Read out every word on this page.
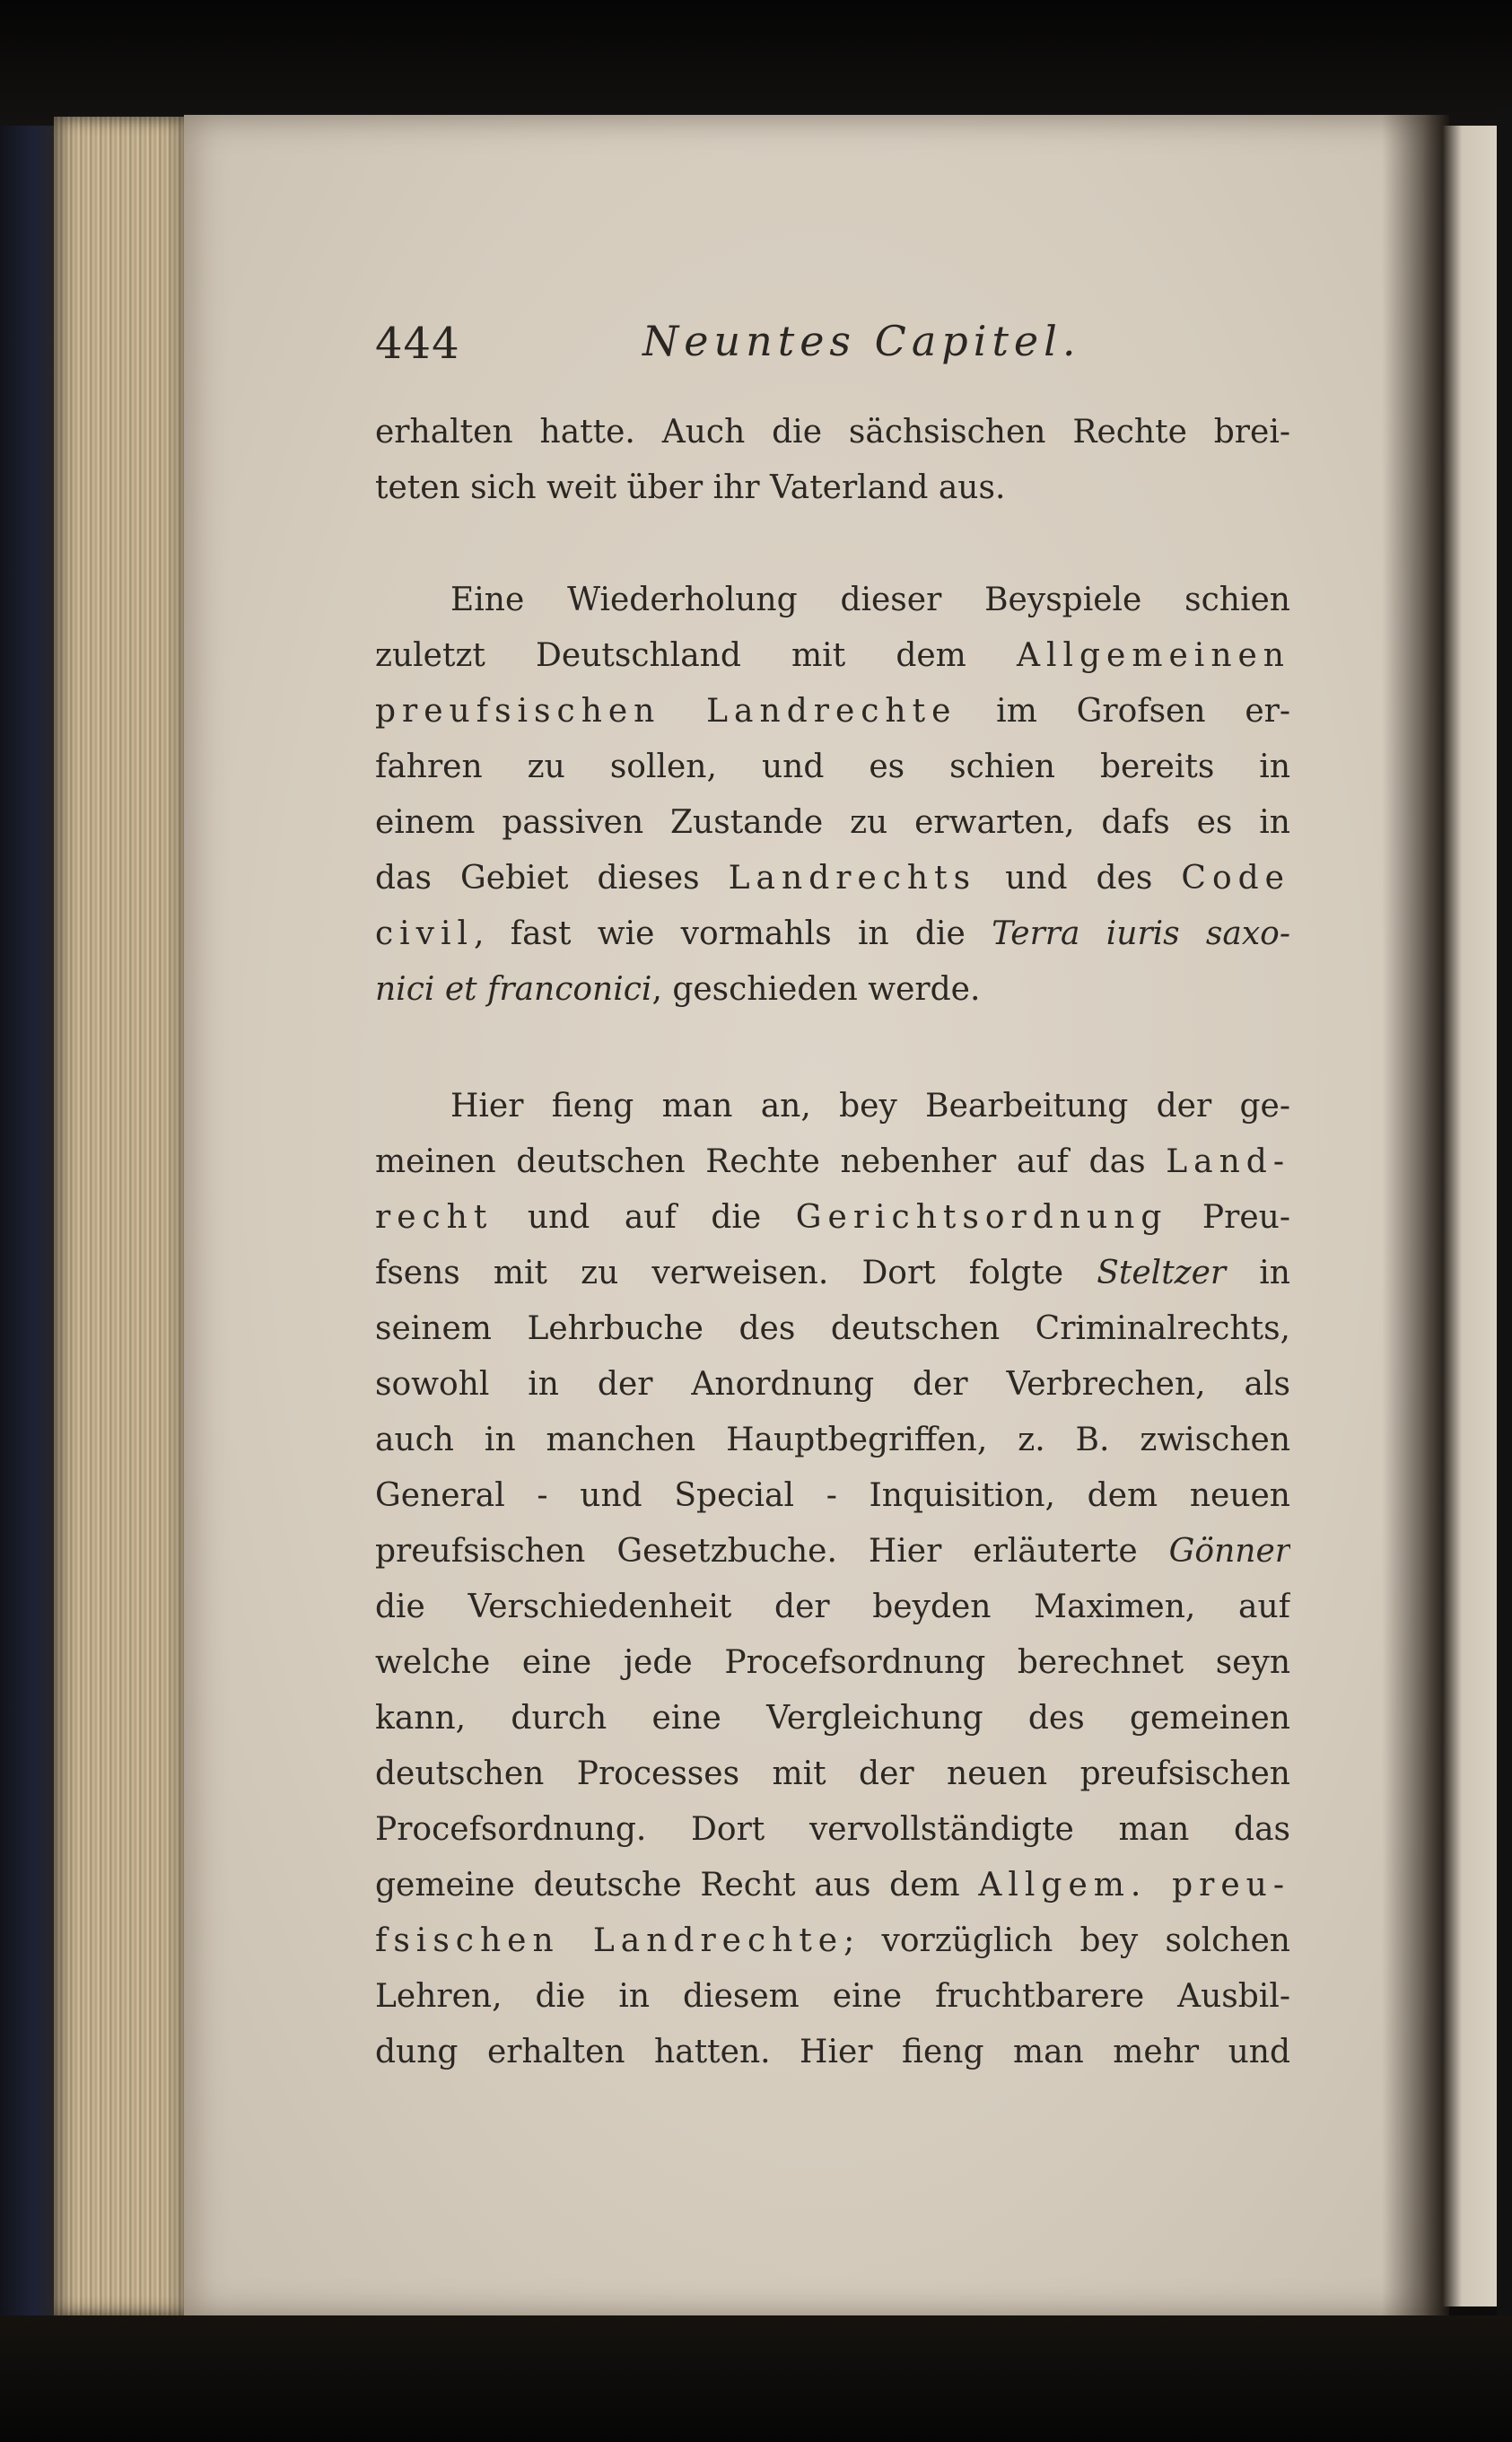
444	Neuntes Capitel.
erhalten hatte. Auch die sächsischen Rechte brei-
teten sich weit über ihr Vaterland aus.
Eine Wiederholung dieser Beyspiele schien
zuletzt Deutschland mit dem Allgemeinen
preufsischen Landrechte im Grofsen er-
fahren zu sollen, und es schien bereits in
einem passiven Zustande zu erwarten, dafs es in
das Gebiet dieses Landrechts und des Code
civil, fast wie vormahls in die Terra iuris saxo-
nici et franconici, geschieden werde.
Hier fieng man an, bey Bearbeitung der ge-
meinen deutschen Rechte nebenher auf das Land-
recht und auf die Gerichtsordnung Preu-
fsens mit zu verweisen. Dort folgte Steltzer in
seinem Lehrbuche des deutschen Criminalrechts,
sowohl in der Anordnung der Verbrechen, als
auch in manchen Hauptbegriffen, z. B. zwischen
General - und Special - Inquisition, dem neuen
preufsischen Gesetzbuche. Hier erläuterte Gönner
die Verschiedenheit der beyden Maximen, auf
welche eine jede Procefsordnung berechnet seyn
kann, durch eine Vergleichung des gemeinen
deutschen Processes mit der neuen preufsischen
Procefsordnung. Dort vervollständigte man das
gemeine deutsche Recht aus dem Allgem. preu-
fsischen Landrechte; vorzüglich bey solchen
Lehren, die in diesem eine fruchtbarere Ausbil-
dung erhalten hatten. Hier fieng man mehr und
